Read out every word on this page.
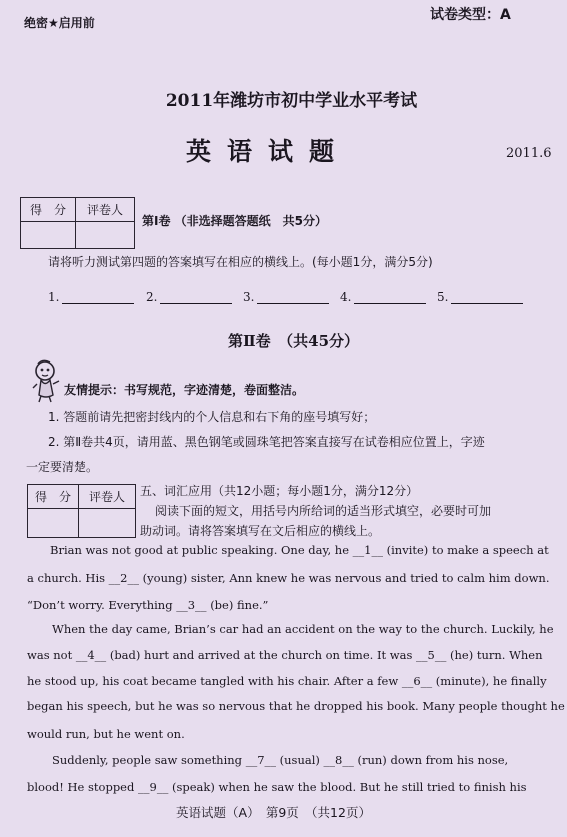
绝密★启用前	试卷类型：A
2011年潍坊市初中学业水平考试
英语试题	2011.6
得　分	评卷人

第Ⅰ卷 （非选择题答题纸　共5分）
请将听力测试第四题的答案填写在相应的横线上。(每小题1分，满分5分)
1.	2.	3.	4.	5.
第Ⅱ卷　（共45分）
友情提示：书写规范，字迹清楚，卷面整洁。
1. 答题前请先把密封线内的个人信息和右下角的座号填写好；
2. 第Ⅱ卷共4页，请用蓝、黑色钢笔或圆珠笔把答案直接写在试卷相应位置上，字迹
一定要清楚。
得　分	评卷人
	五、词汇应用（共12小题；每小题1分，满分12分）
阅读下面的短文，用括号内所给词的适当形式填空，必要时可加
助动词。请将答案填写在文后相应的横线上。
Brian was not good at public speaking. One day, he __1__ (invite) to make a speech at
a church. His __2__ (young) sister, Ann knew he was nervous and tried to calm him down.
“Don’t worry. Everything __3__ (be) fine.”
When the day came, Brian’s car had an accident on the way to the church. Luckily, he
was not __4__ (bad) hurt and arrived at the church on time. It was __5__ (he) turn. When
he stood up, his coat became tangled with his chair. After a few __6__ (minute), he finally
began his speech, but he was so nervous that he dropped his book. Many people thought he
would run, but he went on.
Suddenly, people saw something __7__ (usual) __8__ (run) down from his nose,
blood! He stopped __9__ (speak) when he saw the blood. But he still tried to finish his
英语试题（A）　第9页　（共12页）
